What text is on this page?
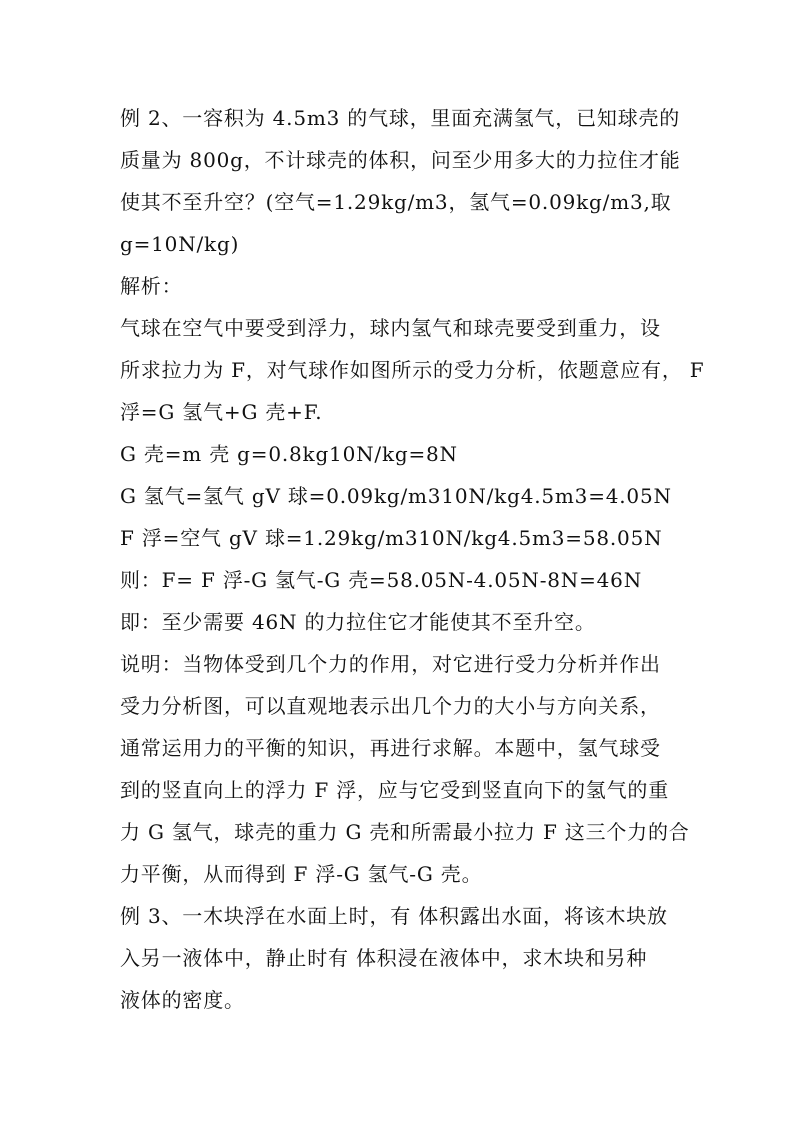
例 2、一容积为 4.5m3 的气球，里面充满氢气，已知球壳的

质量为 800g，不计球壳的体积，问至少用多大的力拉住才能

使其不至升空？(空气=1.29kg/m3，氢气=0.09kg/m3,取

g=10N/kg)

解析：

气球在空气中要受到浮力，球内氢气和球壳要受到重力，设

所求拉力为 F，对气球作如图所示的受力分析，依题意应有， F

浮=G 氢气+G 壳+F.

G 壳=m 壳 g=0.8kg10N/kg=8N

G 氢气=氢气 gV 球=0.09kg/m310N/kg4.5m3=4.05N

F 浮=空气 gV 球=1.29kg/m310N/kg4.5m3=58.05N

则：F= F 浮-G 氢气-G 壳=58.05N-4.05N-8N=46N

即：至少需要 46N 的力拉住它才能使其不至升空。

说明：当物体受到几个力的作用，对它进行受力分析并作出

受力分析图，可以直观地表示出几个力的大小与方向关系，

通常运用力的平衡的知识，再进行求解。本题中，氢气球受

到的竖直向上的浮力 F 浮，应与它受到竖直向下的氢气的重

力 G 氢气，球壳的重力 G 壳和所需最小拉力 F 这三个力的合

力平衡，从而得到 F 浮-G 氢气-G 壳。

例 3、一木块浮在水面上时，有 体积露出水面，将该木块放

入另一液体中，静止时有 体积浸在液体中，求木块和另种

液体的密度。
